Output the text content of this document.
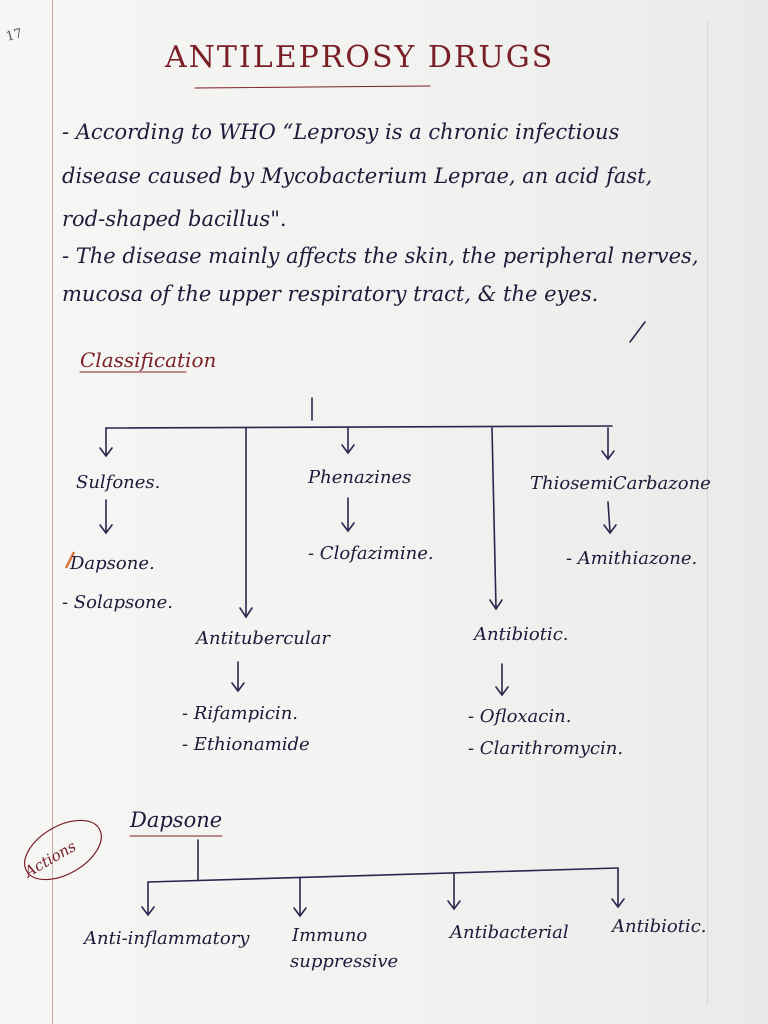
17
ANTILEPROSY DRUGS
- According to WHO “Leprosy is a chronic infectious
disease caused by Mycobacterium Leprae, an acid fast,
rod-shaped bacillus".
- The disease mainly affects the skin, the peripheral nerves,
mucosa of the upper respiratory tract, & the eyes.
Classification
Sulfones.
Dapsone.
- Solapsone.
Phenazines
- Clofazimine.
ThiosemiCarbazone
- Amithiazone.
Antitubercular
- Rifampicin.
- Ethionamide
Antibiotic.
- Ofloxacin.
- Clarithromycin.
Actions
Dapsone
Anti-inflammatory Immuno
suppressive
Antibacterial Antibiotic.
